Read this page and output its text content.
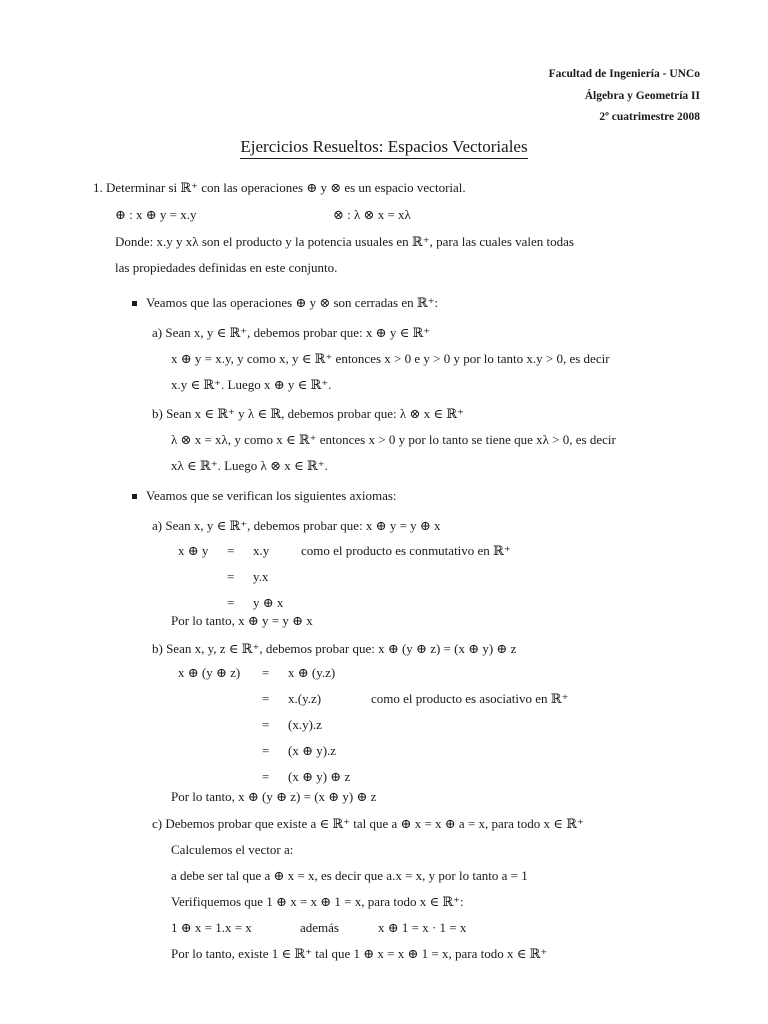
Facultad de Ingeniería - UNCo
Álgebra y Geometría II
2º cuatrimestre 2008
Ejercicios Resueltos: Espacios Vectoriales
1. Determinar si ℝ⁺ con las operaciones ⊕ y ⊗ es un espacio vectorial.
⊕ : x ⊕ y = x.y	⊗ : λ ⊗ x = xλ
Donde: x.y y xλ son el producto y la potencia usuales en ℝ⁺, para las cuales valen todas
las propiedades definidas en este conjunto.
Veamos que las operaciones ⊕ y ⊗ son cerradas en ℝ⁺:
a) Sean x, y ∈ ℝ⁺, debemos probar que: x ⊕ y ∈ ℝ⁺
x ⊕ y = x.y, y como x, y ∈ ℝ⁺ entonces x > 0 e y > 0 y por lo tanto x.y > 0, es decir
x.y ∈ ℝ⁺. Luego x ⊕ y ∈ ℝ⁺.
b) Sean x ∈ ℝ⁺ y λ ∈ ℝ, debemos probar que: λ ⊗ x ∈ ℝ⁺
λ ⊗ x = xλ, y como x ∈ ℝ⁺ entonces x > 0 y por lo tanto se tiene que xλ > 0, es decir
xλ ∈ ℝ⁺. Luego λ ⊗ x ∈ ℝ⁺.
Veamos que se verifican los siguientes axiomas:
a) Sean x, y ∈ ℝ⁺, debemos probar que: x ⊕ y = y ⊕ x
x ⊕ y = x.y como el producto es conmutativo en ℝ⁺
= y.x
= y ⊕ x
Por lo tanto, x ⊕ y = y ⊕ x
b) Sean x, y, z ∈ ℝ⁺, debemos probar que: x ⊕ (y ⊕ z) = (x ⊕ y) ⊕ z
x ⊕ (y ⊕ z) = x ⊕ (y.z)
= x.(y.z)	como el producto es asociativo en ℝ⁺
= (x.y).z
= (x ⊕ y).z
= (x ⊕ y) ⊕ z
Por lo tanto, x ⊕ (y ⊕ z) = (x ⊕ y) ⊕ z
c) Debemos probar que existe a ∈ ℝ⁺ tal que a ⊕ x = x ⊕ a = x, para todo x ∈ ℝ⁺
Calculemos el vector a:
a debe ser tal que a ⊕ x = x, es decir que a.x = x, y por lo tanto a = 1
Verifiquemos que 1 ⊕ x = x ⊕ 1 = x, para todo x ∈ ℝ⁺:
1 ⊕ x = 1.x = x	además	x ⊕ 1 = x · 1 = x
Por lo tanto, existe 1 ∈ ℝ⁺ tal que 1 ⊕ x = x ⊕ 1 = x, para todo x ∈ ℝ⁺
